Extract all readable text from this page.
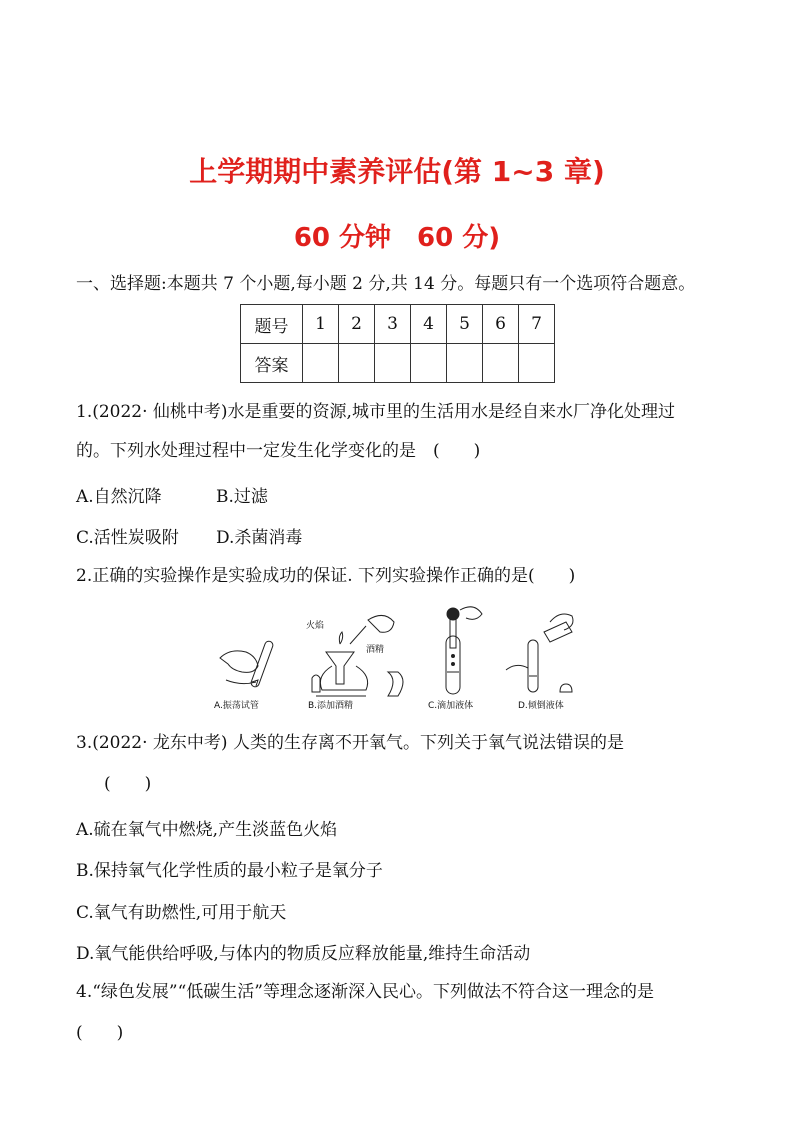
上学期期中素养评估(第 1~3 章)
60 分钟　60 分)
一、选择题:本题共 7 个小题,每小题 2 分,共 14 分。每题只有一个选项符合题意。
题号	1	2	3	4	5	6	7
答案							
1.(2022· 仙桃中考)水是重要的资源,城市里的生活用水是经自来水厂净化处理过
的。下列水处理过程中一定发生化学变化的是　(　　)
A.自然沉降	B.过滤
C.活性炭吸附 D.杀菌消毒
2.正确的实验操作是实验成功的保证. 下列实验操作正确的是(　　)
A.振荡试管
火焰
酒精
B.添加酒精	C.滴加液体	D.倾倒液体
3.(2022· 龙东中考) 人类的生存离不开氧气。下列关于氧气说法错误的是
(　　)
A.硫在氧气中燃烧,产生淡蓝色火焰
B.保持氧气化学性质的最小粒子是氧分子
C.氧气有助燃性,可用于航天
D.氧气能供给呼吸,与体内的物质反应释放能量,维持生命活动
4.“绿色发展”“低碳生活”等理念逐渐深入民心。下列做法不符合这一理念的是
(　　)
